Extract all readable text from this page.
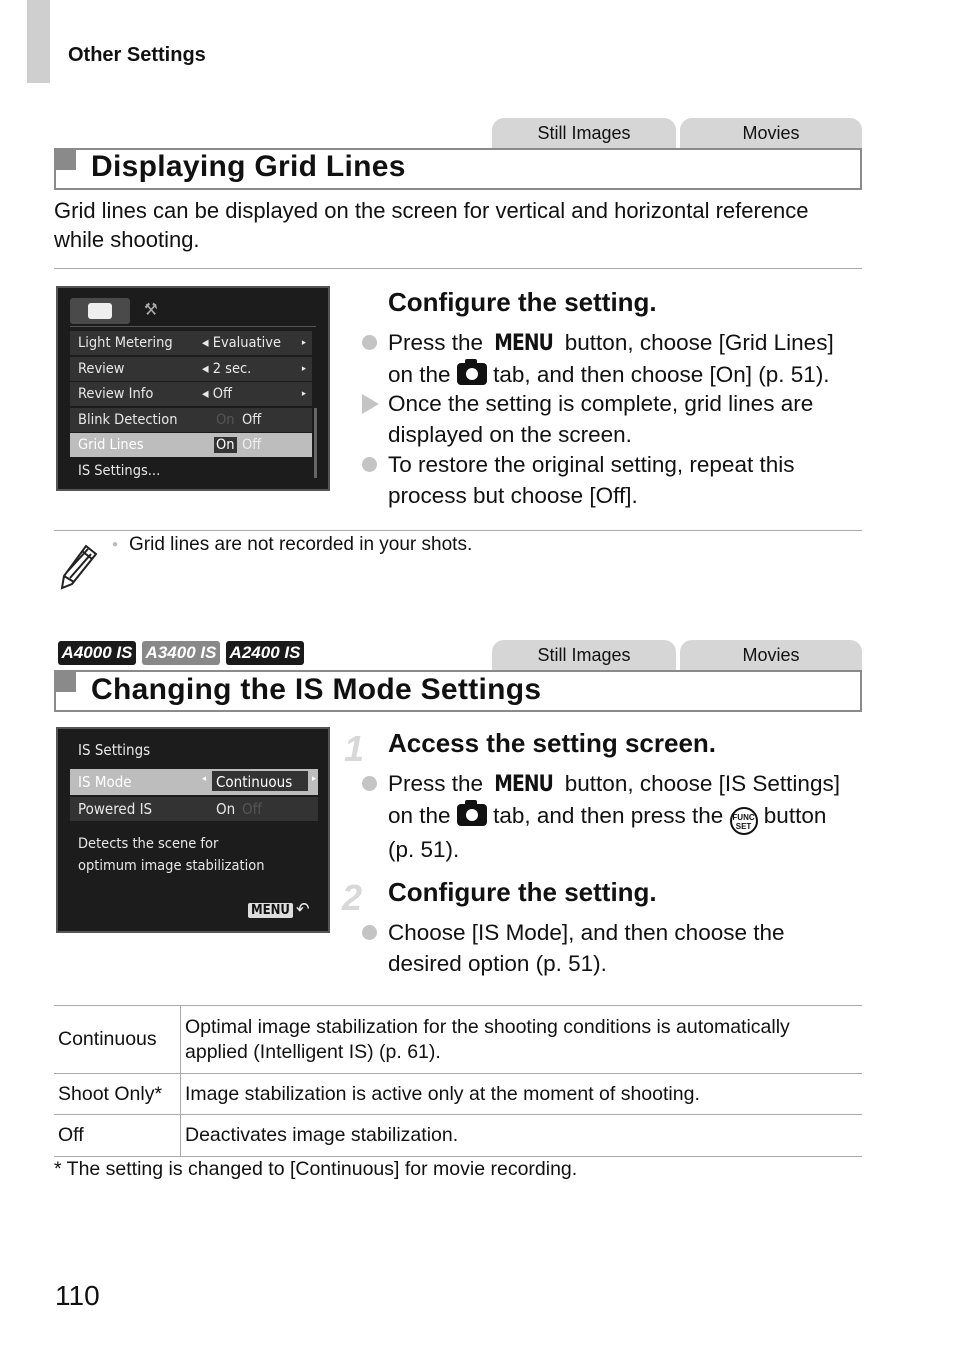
Other Settings
Still Images	Movies
Displaying Grid Lines
Grid lines can be displayed on the screen for vertical and horizontal reference
while shooting.
⚒
Light Metering ◂ Evaluative ▸
Review	◂ 2 sec.	▸
Review Info	◂ Off	▸
Blink Detection	On Off
Grid Lines	On Off
IS Settings...
Configure the setting.
Press the MENU button, choose [Grid Lines]
on the tab, and then choose [On] (p. 51).
Once the setting is complete, grid lines are
displayed on the screen.
To restore the original setting, repeat this
process but choose [Off].
● Grid lines are not recorded in your shots.
A4000 IS A3400 IS A2400 IS	Still Images	Movies
Changing the IS Mode Settings
IS Settings
IS Mode	◂ Continuous ▸
Powered IS	On Off
Detects the scene for
optimum image stabilization
MENU ↶
1 Access the setting screen.
Press the MENU button, choose [IS Settings]
on the tab, and then press the FUNC
SET button
(p. 51).
2 Configure the setting.
Choose [IS Mode], and then choose the
desired option (p. 51).
Continuous	Optimal image stabilization for the shooting conditions is automatically
applied (Intelligent IS) (p. 61).
Shoot Only*	Image stabilization is active only at the moment of shooting.
Off	Deactivates image stabilization.
* The setting is changed to [Continuous] for movie recording.
110
